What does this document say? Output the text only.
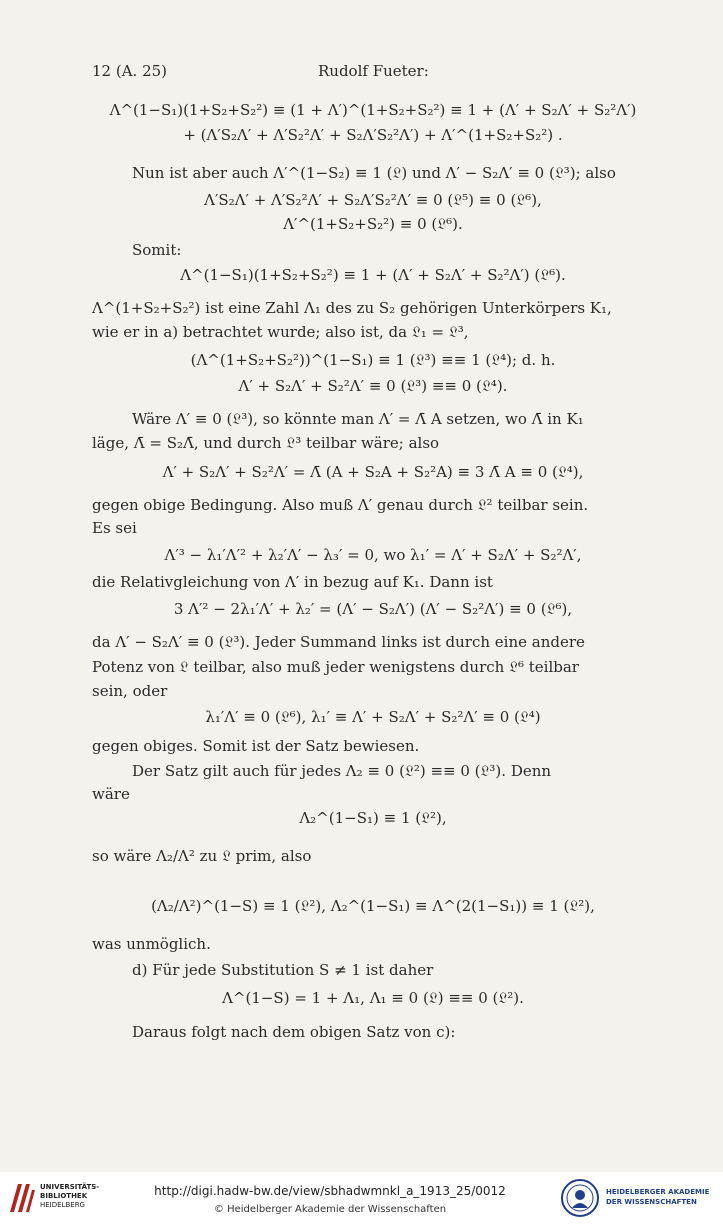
12 (A. 25)	Rudolf Fueter:
Λ^(1−S₁)(1+S₂+S₂²) ≡ (1 + Λ′)^(1+S₂+S₂²) ≡ 1 + (Λ′ + S₂Λ′ + S₂²Λ′)
+ (Λ′S₂Λ′ + Λ′S₂²Λ′ + S₂Λ′S₂²Λ′) + Λ′^(1+S₂+S₂²) .
Nun ist aber auch Λ′^(1−S₂) ≡ 1 (𝔏) und Λ′ − S₂Λ′ ≡ 0 (𝔏³); also
Λ′S₂Λ′ + Λ′S₂²Λ′ + S₂Λ′S₂²Λ′ ≡ 0 (𝔏⁵) ≡ 0 (𝔏⁶),
Λ′^(1+S₂+S₂²) ≡ 0 (𝔏⁶).
Somit:
Λ^(1−S₁)(1+S₂+S₂²) ≡ 1 + (Λ′ + S₂Λ′ + S₂²Λ′) (𝔏⁶).
Λ^(1+S₂+S₂²) ist eine Zahl Λ₁ des zu S₂ gehörigen Unterkörpers K₁,
wie er in a) betrachtet wurde; also ist, da 𝔏₁ = 𝔏³,
(Λ^(1+S₂+S₂²))^(1−S₁) ≡ 1 (𝔏³) ≡≡ 1 (𝔏⁴); d. h.
Λ′ + S₂Λ′ + S₂²Λ′ ≡ 0 (𝔏³) ≡≡ 0 (𝔏⁴).
Wäre Λ′ ≡ 0 (𝔏³), so könnte man Λ′ = Λ̄ A setzen, wo Λ̄ in K₁
läge, Λ̄ = S₂Λ̄, und durch 𝔏³ teilbar wäre; also
Λ′ + S₂Λ′ + S₂²Λ′ = Λ̄ (A + S₂A + S₂²A) ≡ 3 Λ̄ A ≡ 0 (𝔏⁴),
gegen obige Bedingung. Also muß Λ′ genau durch 𝔏² teilbar sein.
Es sei
Λ′³ − λ₁′Λ′² + λ₂′Λ′ − λ₃′ = 0, wo λ₁′ = Λ′ + S₂Λ′ + S₂²Λ′,
die Relativgleichung von Λ′ in bezug auf K₁. Dann ist
3 Λ′² − 2λ₁′Λ′ + λ₂′ = (Λ′ − S₂Λ′) (Λ′ − S₂²Λ′) ≡ 0 (𝔏⁶),
da Λ′ − S₂Λ′ ≡ 0 (𝔏³). Jeder Summand links ist durch eine andere
Potenz von 𝔏 teilbar, also muß jeder wenigstens durch 𝔏⁶ teilbar
sein, oder
λ₁′Λ′ ≡ 0 (𝔏⁶), λ₁′ ≡ Λ′ + S₂Λ′ + S₂²Λ′ ≡ 0 (𝔏⁴)
gegen obiges. Somit ist der Satz bewiesen.
Der Satz gilt auch für jedes Λ₂ ≡ 0 (𝔏²) ≡≡ 0 (𝔏³). Denn
wäre
Λ₂^(1−S₁) ≡ 1 (𝔏²),
so wäre Λ₂/Λ² zu 𝔏 prim, also
(Λ₂/Λ²)^(1−S) ≡ 1 (𝔏²), Λ₂^(1−S₁) ≡ Λ^(2(1−S₁)) ≡ 1 (𝔏²),
was unmöglich.
d) Für jede Substitution S ≠ 1 ist daher
Λ^(1−S) = 1 + Λ₁, Λ₁ ≡ 0 (𝔏) ≡≡ 0 (𝔏²).
Daraus folgt nach dem obigen Satz von c):
UNIVERSITÄTS-
BIBLIOTHEK
HEIDELBERG
http://digi.hadw-bw.de/view/sbhadwmnkl_a_1913_25/0012
© Heidelberger Akademie der Wissenschaften
HEIDELBERGER AKADEMIE
DER WISSENSCHAFTEN
